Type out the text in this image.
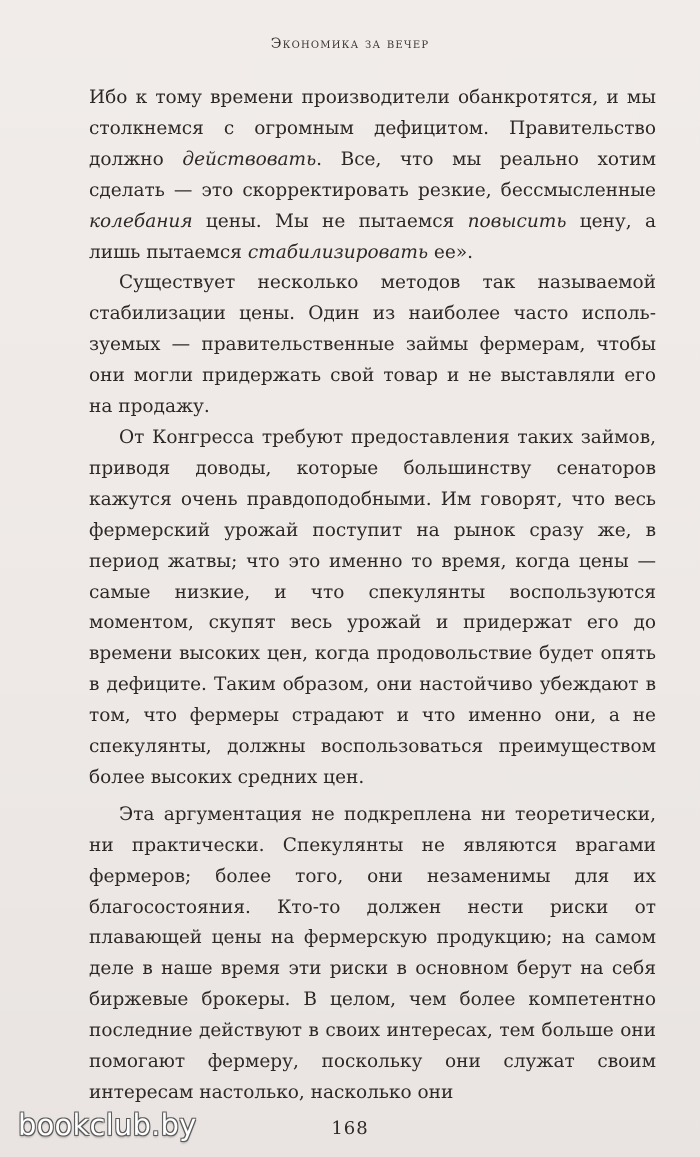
Экономика за вечер

Ибо к тому времени производители обанкротятся, и мы столкнемся с огромным дефицитом. Правительство должно действовать. Все, что мы реально хотим сделать — это скорректировать резкие, бессмысленные колебания цены. Мы не пытаемся повысить цену, а лишь пытаемся стабилизировать ее».

Существует несколько методов так называемой стабилизации цены. Один из наиболее часто используемых — правительственные займы фермерам, чтобы они могли придержать свой товар и не выставляли его на продажу.

От Конгресса требуют предоставления таких займов, приводя доводы, которые большинству сенаторов кажутся очень правдоподобными. Им говорят, что весь фермерский урожай поступит на рынок сразу же, в период жатвы; что это именно то время, когда цены — самые низкие, и что спекулянты воспользуются моментом, скупят весь урожай и придержат его до времени высоких цен, когда продовольствие будет опять в дефиците. Таким образом, они настойчиво убеждают в том, что фермеры страдают и что именно они, а не спекулянты, должны воспользоваться преимуществом более высоких средних цен.

Эта аргументация не подкреплена ни теоретически, ни практически. Спекулянты не являются врагами фермеров; более того, они незаменимы для их благосостояния. Кто-то должен нести риски от плавающей цены на фермерскую продукцию; на самом деле в наше время эти риски в основном берут на себя биржевые брокеры. В целом, чем более компетентно последние действуют в своих интересах, тем больше они помогают фермеру, поскольку они служат своим интересам настолько, насколько они

168
bookclub.by
